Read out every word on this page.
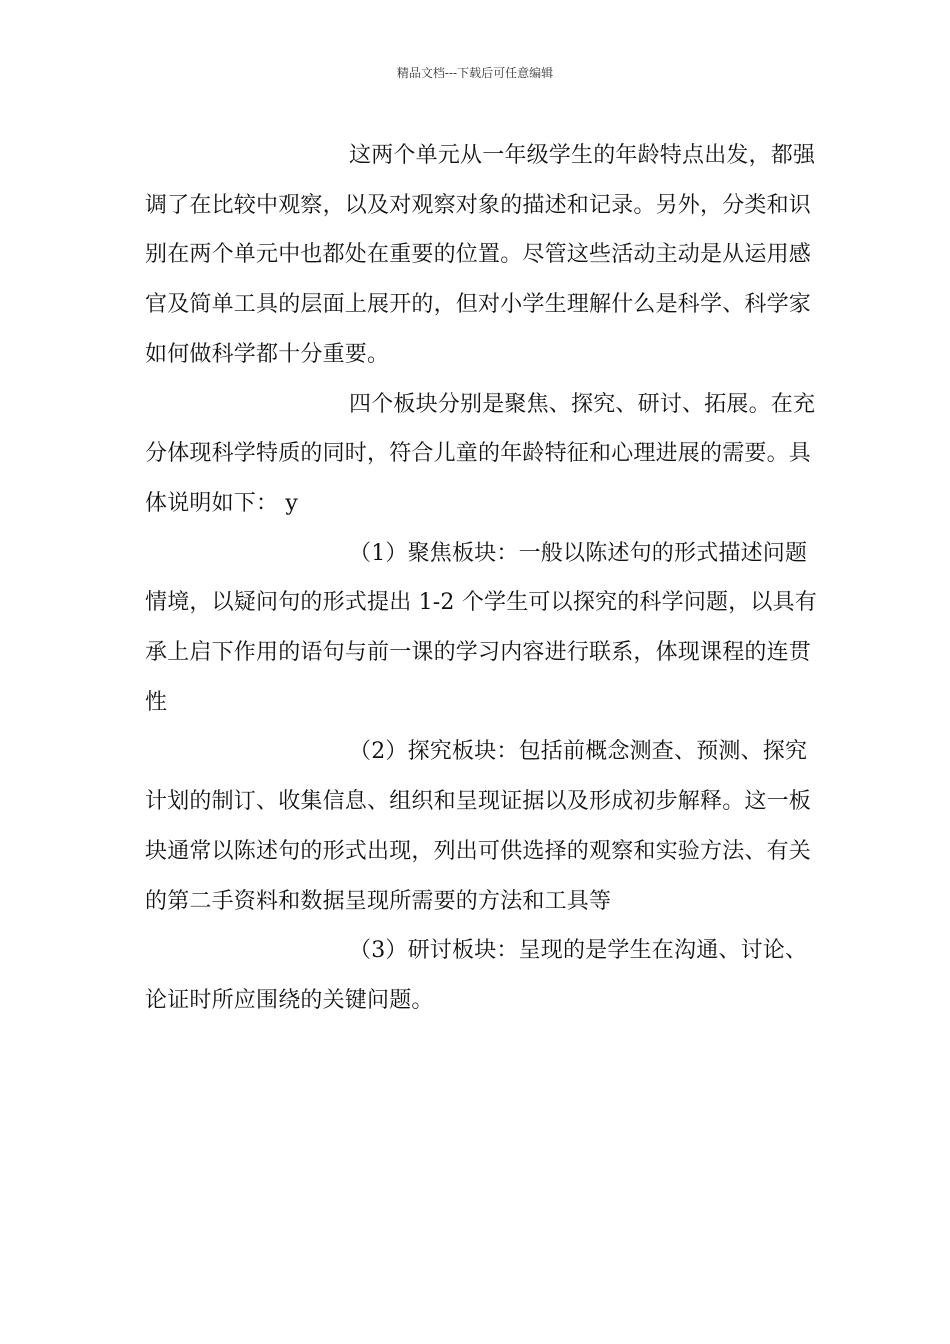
精品文档---下载后可任意编辑

这两个单元从一年级学生的年龄特点出发，都强调了在比较中观察，以及对观察对象的描述和记录。另外，分类和识别在两个单元中也都处在重要的位置。尽管这些活动主动是从运用感官及简单工具的层面上展开的，但对小学生理解什么是科学、科学家如何做科学都十分重要。

四个板块分别是聚焦、探究、研讨、拓展。在充分体现科学特质的同时，符合儿童的年龄特征和心理进展的需要。具体说明如下： y

（1）聚焦板块：一般以陈述句的形式描述问题情境，以疑问句的形式提出 1-2 个学生可以探究的科学问题，以具有承上启下作用的语句与前一课的学习内容进行联系，体现课程的连贯性

（2）探究板块：包括前概念测查、预测、探究计划的制订、收集信息、组织和呈现证据以及形成初步解释。这一板块通常以陈述句的形式出现，列出可供选择的观察和实验方法、有关的第二手资料和数据呈现所需要的方法和工具等

（3）研讨板块：呈现的是学生在沟通、讨论、论证时所应围绕的关键问题。
